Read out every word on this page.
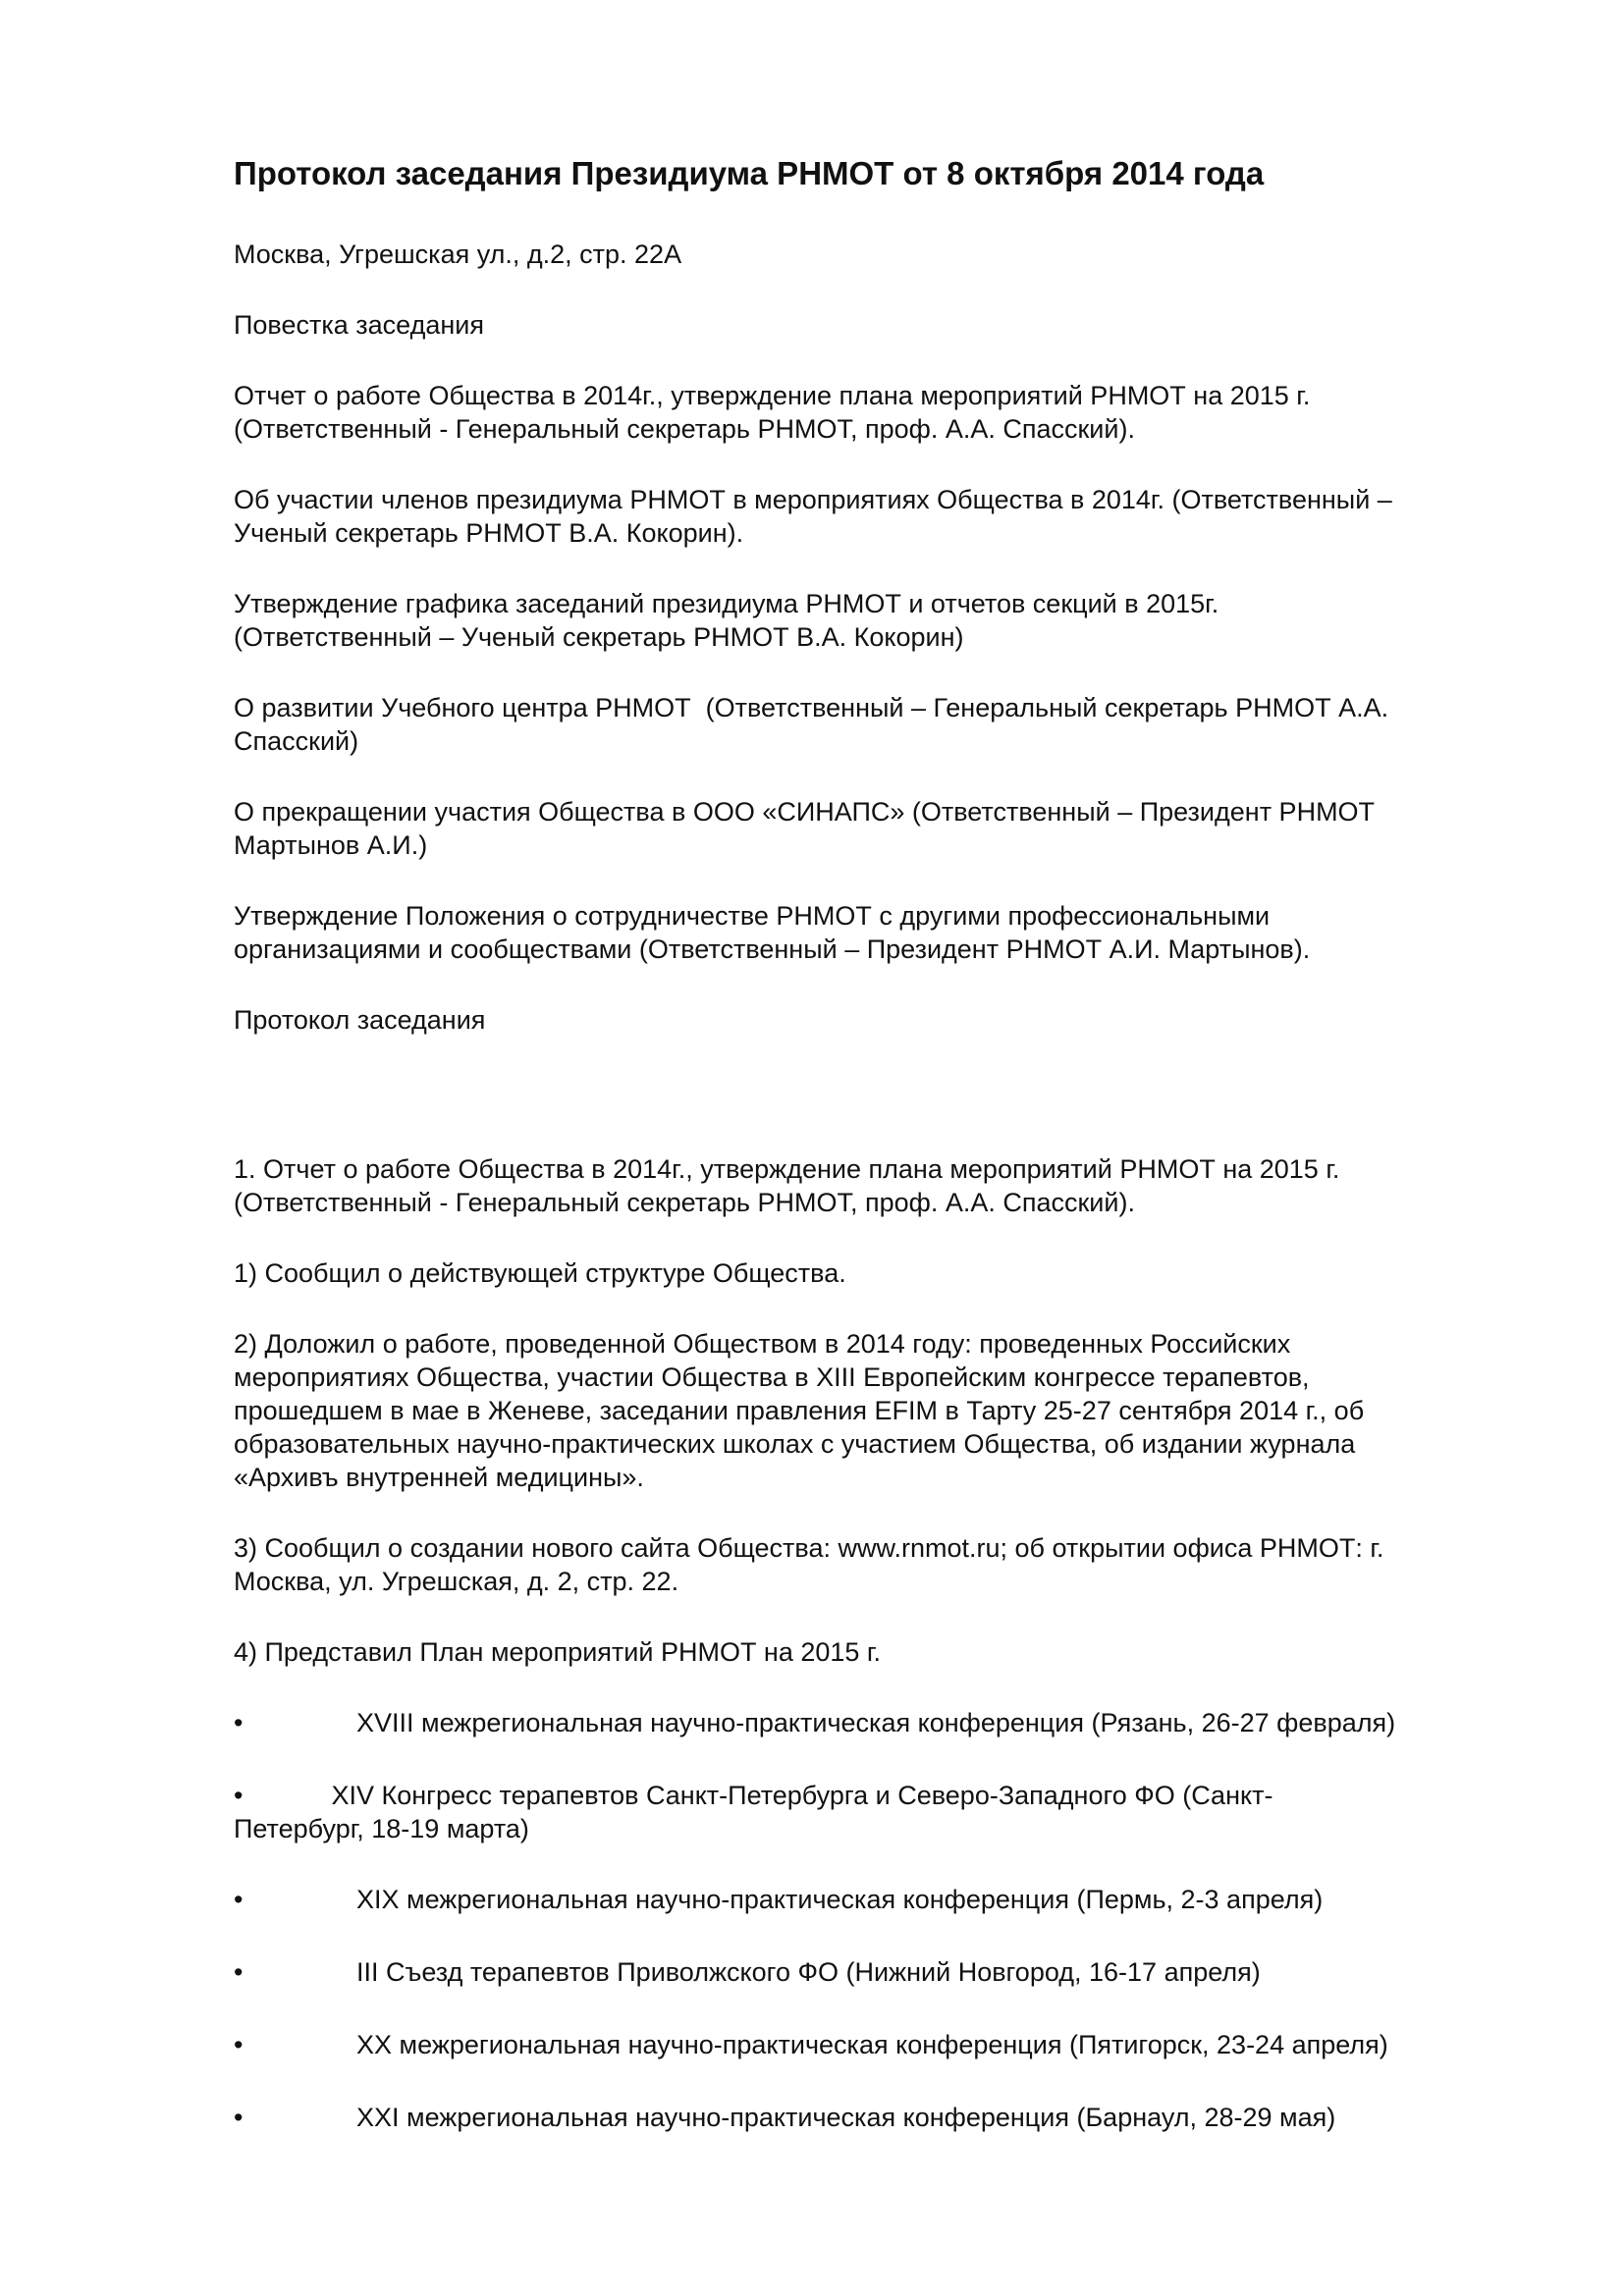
Протокол заседания Президиума РНМОТ от 8 октября 2014 года

Москва, Угрешская ул., д.2, стр. 22А

Повестка заседания

Отчет о работе Общества в 2014г., утверждение плана мероприятий РНМОТ на 2015 г.
(Ответственный - Генеральный секретарь РНМОТ, проф. А.А. Спасский).

Об участии членов президиума РНМОТ в мероприятиях Общества в 2014г. (Ответственный –
Ученый секретарь РНМОТ В.А. Кокорин).

Утверждение графика заседаний президиума РНМОТ и отчетов секций в 2015г.
(Ответственный – Ученый секретарь РНМОТ В.А. Кокорин)

О развитии Учебного центра РНМОТ  (Ответственный – Генеральный секретарь РНМОТ А.А.
Спасский)

О прекращении участия Общества в ООО «СИНАПС» (Ответственный – Президент РНМОТ
Мартынов А.И.)

Утверждение Положения о сотрудничестве РНМОТ с другими профессиональными
организациями и сообществами (Ответственный – Президент РНМОТ А.И. Мартынов).

Протокол заседания

1. Отчет о работе Общества в 2014г., утверждение плана мероприятий РНМОТ на 2015 г.
(Ответственный - Генеральный секретарь РНМОТ, проф. А.А. Спасский).

1) Сообщил о действующей структуре Общества.

2) Доложил о работе, проведенной Обществом в 2014 году: проведенных Российских
мероприятиях Общества, участии Общества в XIII Европейским конгрессе терапевтов,
прошедшем в мае в Женеве, заседании правления EFIM в Тарту 25-27 сентября 2014 г., об
образовательных научно-практических школах с участием Общества, об издании журнала
«Архивъ внутренней медицины».

3) Сообщил о создании нового сайта Общества: www.rnmot.ru; об открытии офиса РНМОТ: г.
Москва, ул. Угрешская, д. 2, стр. 22.

4) Представил План мероприятий РНМОТ на 2015 г.

•	XVIII межрегиональная научно-практическая конференция (Рязань, 26-27 февраля)

•	XIV Конгресс терапевтов Санкт-Петербурга и Северо-Западного ФО (Санкт-
Петербург, 18-19 марта)

•	XIX межрегиональная научно-практическая конференция (Пермь, 2-3 апреля)

•	III Съезд терапевтов Приволжского ФО (Нижний Новгород, 16-17 апреля)

•	XX межрегиональная научно-практическая конференция (Пятигорск, 23-24 апреля)

•	XXI межрегиональная научно-практическая конференция (Барнаул, 28-29 мая)
